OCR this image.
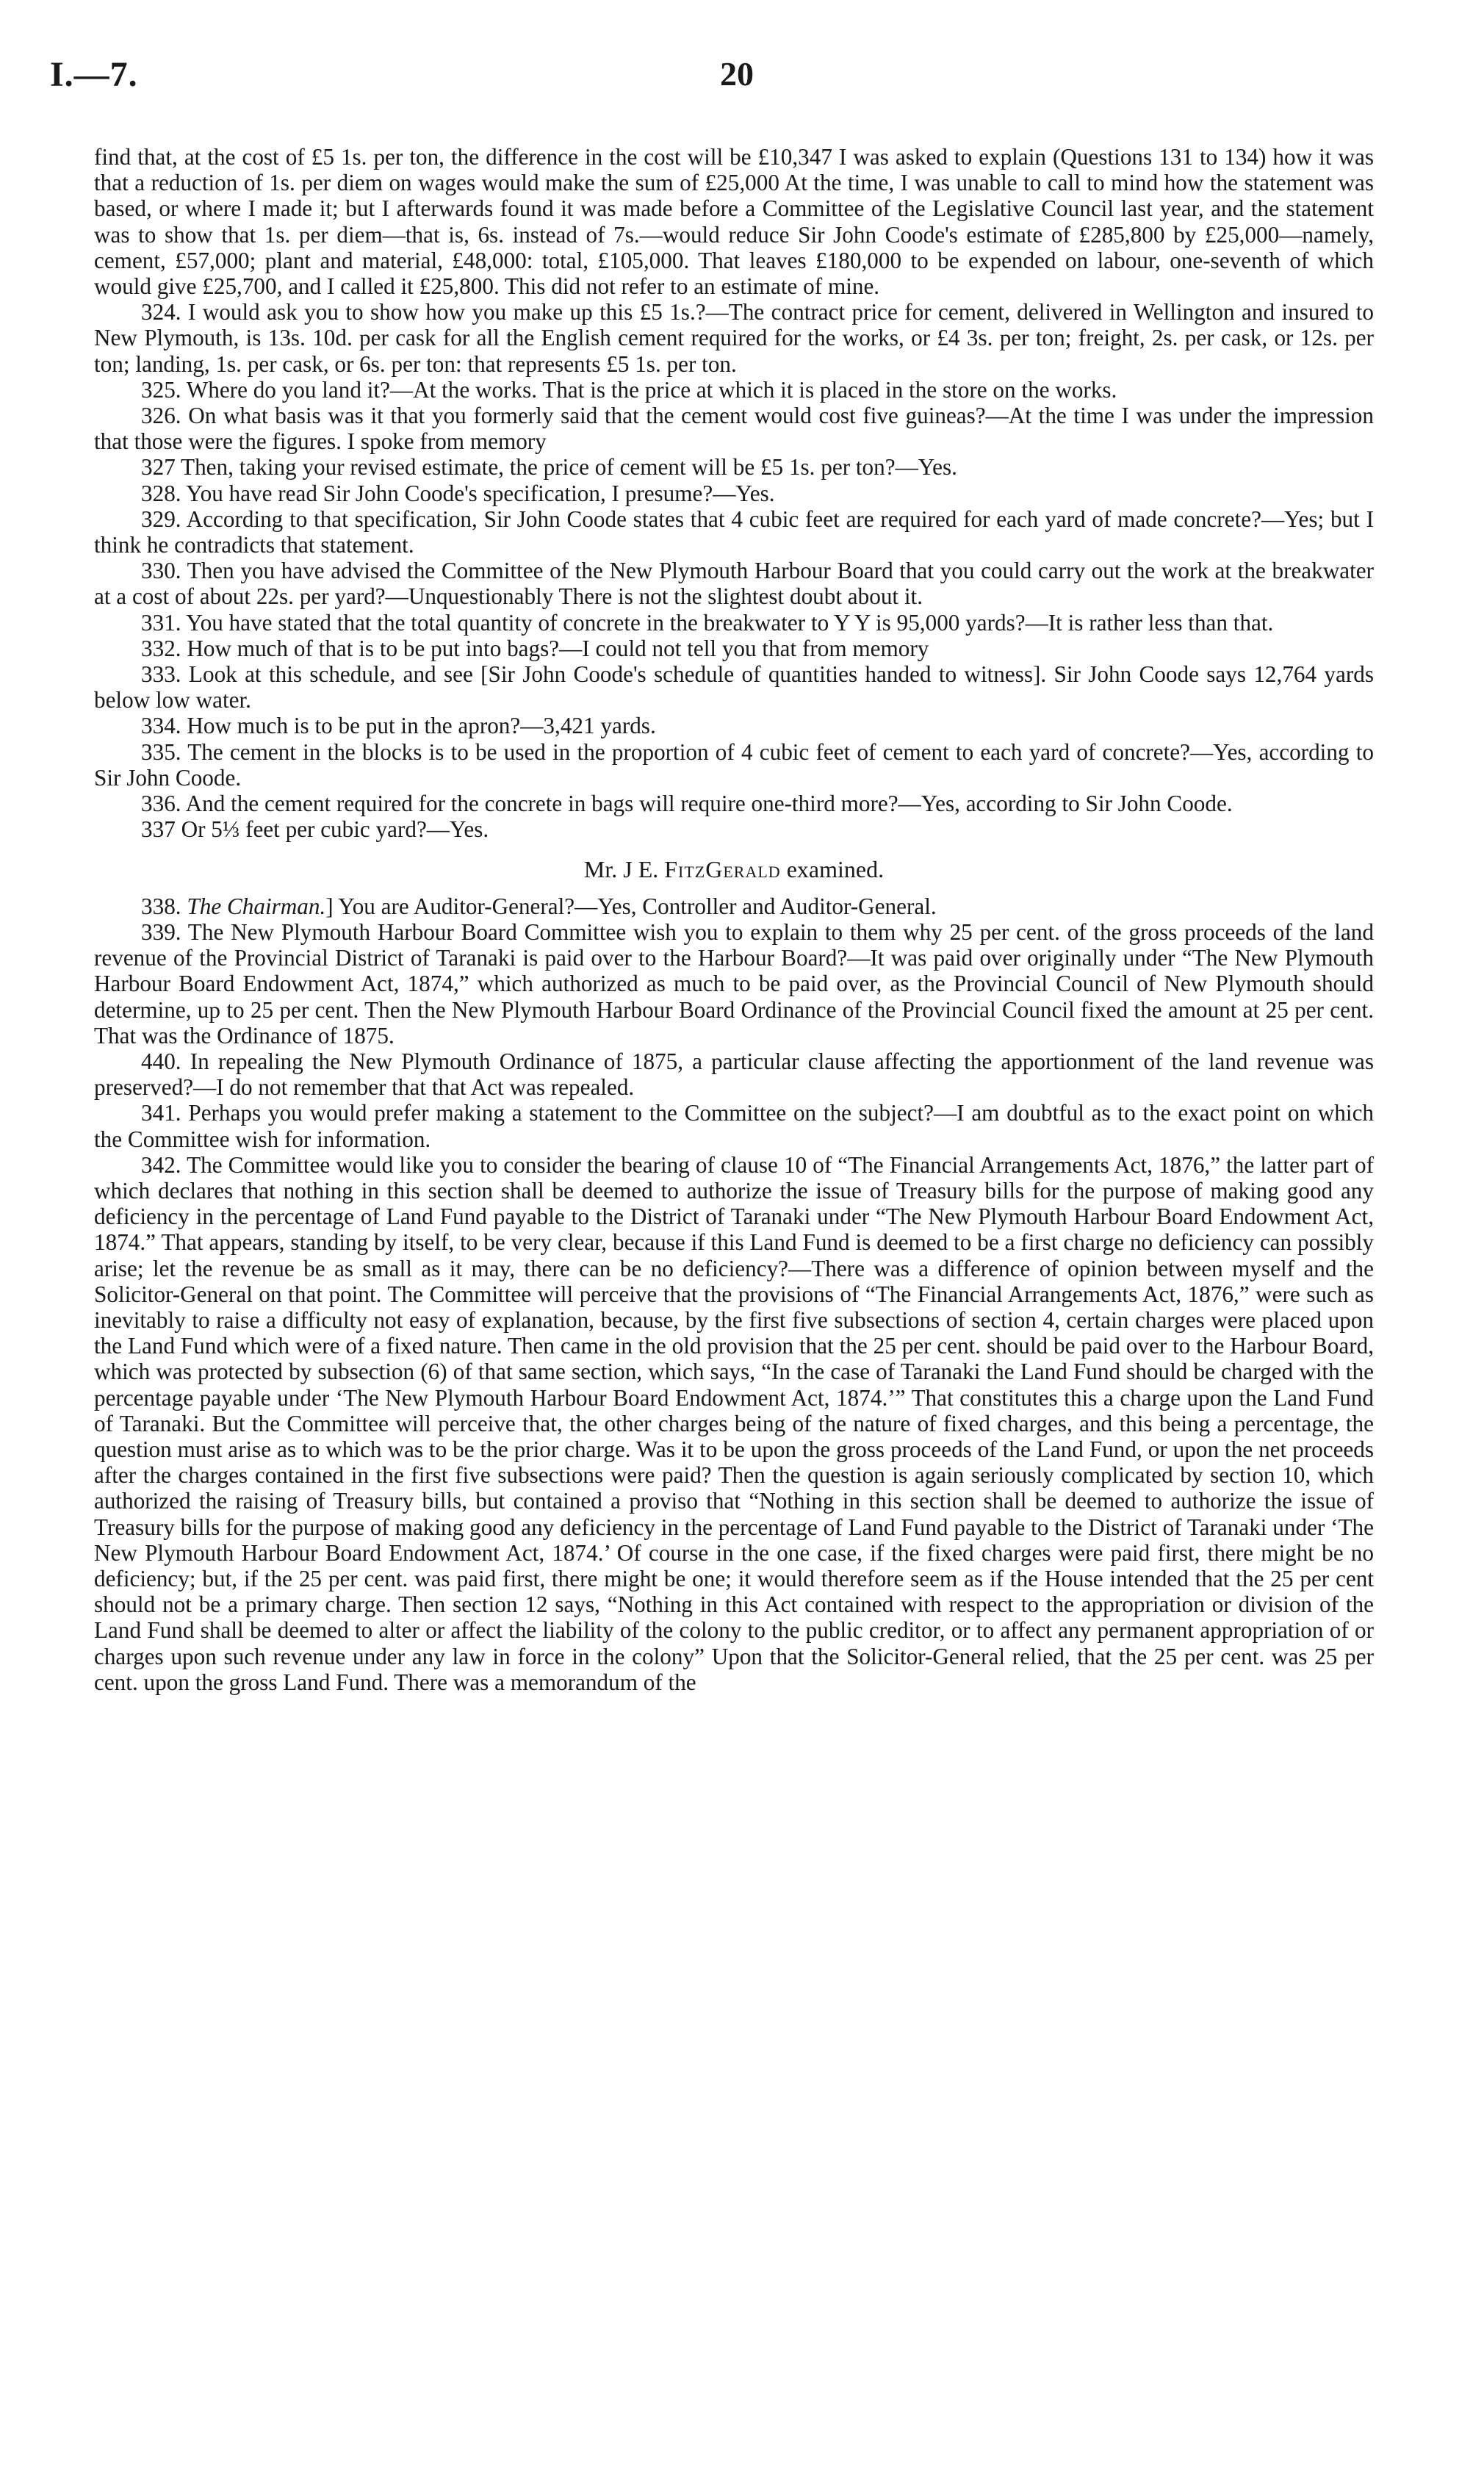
I.—7.	20

find that, at the cost of £5 1s. per ton, the difference in the cost will be £10,347 I was asked to explain (Questions 131 to 134) how it was that a reduction of 1s. per diem on wages would make the sum of £25,000 At the time, I was unable to call to mind how the statement was based, or where I made it; but I afterwards found it was made before a Committee of the Legislative Council last year, and the statement was to show that 1s. per diem—that is, 6s. instead of 7s.—would reduce Sir John Coode's estimate of £285,800 by £25,000—namely, cement, £57,000; plant and material, £48,000: total, £105,000. That leaves £180,000 to be expended on labour, one-seventh of which would give £25,700, and I called it £25,800. This did not refer to an estimate of mine.

324. I would ask you to show how you make up this £5 1s.?—The contract price for cement, delivered in Wellington and insured to New Plymouth, is 13s. 10d. per cask for all the English cement required for the works, or £4 3s. per ton; freight, 2s. per cask, or 12s. per ton; landing, 1s. per cask, or 6s. per ton: that represents £5 1s. per ton.

325. Where do you land it?—At the works. That is the price at which it is placed in the store on the works.

326. On what basis was it that you formerly said that the cement would cost five guineas?—At the time I was under the impression that those were the figures. I spoke from memory

327 Then, taking your revised estimate, the price of cement will be £5 1s. per ton?—Yes.

328. You have read Sir John Coode's specification, I presume?—Yes.

329. According to that specification, Sir John Coode states that 4 cubic feet are required for each yard of made concrete?—Yes; but I think he contradicts that statement.

330. Then you have advised the Committee of the New Plymouth Harbour Board that you could carry out the work at the breakwater at a cost of about 22s. per yard?—Unquestionably There is not the slightest doubt about it.

331. You have stated that the total quantity of concrete in the breakwater to Y Y is 95,000 yards?—It is rather less than that.

332. How much of that is to be put into bags?—I could not tell you that from memory

333. Look at this schedule, and see [Sir John Coode's schedule of quantities handed to witness]. Sir John Coode says 12,764 yards below low water.

334. How much is to be put in the apron?—3,421 yards.

335. The cement in the blocks is to be used in the proportion of 4 cubic feet of cement to each yard of concrete?—Yes, according to Sir John Coode.

336. And the cement required for the concrete in bags will require one-third more?—Yes, according to Sir John Coode.

337 Or 5⅓ feet per cubic yard?—Yes.

Mr. J E. FitzGerald examined.

338. The Chairman.] You are Auditor-General?—Yes, Controller and Auditor-General.

339. The New Plymouth Harbour Board Committee wish you to explain to them why 25 per cent. of the gross proceeds of the land revenue of the Provincial District of Taranaki is paid over to the Harbour Board?—It was paid over originally under “The New Plymouth Harbour Board Endowment Act, 1874,” which authorized as much to be paid over, as the Provincial Council of New Plymouth should determine, up to 25 per cent. Then the New Plymouth Harbour Board Ordinance of the Provincial Council fixed the amount at 25 per cent. That was the Ordinance of 1875.

440. In repealing the New Plymouth Ordinance of 1875, a particular clause affecting the apportionment of the land revenue was preserved?—I do not remember that that Act was repealed.

341. Perhaps you would prefer making a statement to the Committee on the subject?—I am doubtful as to the exact point on which the Committee wish for information.

342. The Committee would like you to consider the bearing of clause 10 of “The Financial Arrangements Act, 1876,” the latter part of which declares that nothing in this section shall be deemed to authorize the issue of Treasury bills for the purpose of making good any deficiency in the percentage of Land Fund payable to the District of Taranaki under “The New Plymouth Harbour Board Endowment Act, 1874.” That appears, standing by itself, to be very clear, because if this Land Fund is deemed to be a first charge no deficiency can possibly arise; let the revenue be as small as it may, there can be no deficiency?—There was a difference of opinion between myself and the Solicitor-General on that point. The Committee will perceive that the provisions of “The Financial Arrangements Act, 1876,” were such as inevitably to raise a difficulty not easy of explanation, because, by the first five subsections of section 4, certain charges were placed upon the Land Fund which were of a fixed nature. Then came in the old provision that the 25 per cent. should be paid over to the Harbour Board, which was protected by subsection (6) of that same section, which says, “In the case of Taranaki the Land Fund should be charged with the percentage payable under ‘The New Plymouth Harbour Board Endowment Act, 1874.’” That constitutes this a charge upon the Land Fund of Taranaki. But the Committee will perceive that, the other charges being of the nature of fixed charges, and this being a percentage, the question must arise as to which was to be the prior charge. Was it to be upon the gross proceeds of the Land Fund, or upon the net proceeds after the charges contained in the first five subsections were paid? Then the question is again seriously complicated by section 10, which authorized the raising of Treasury bills, but contained a proviso that “Nothing in this section shall be deemed to authorize the issue of Treasury bills for the purpose of making good any deficiency in the percentage of Land Fund payable to the District of Taranaki under ‘The New Plymouth Harbour Board Endowment Act, 1874.’ Of course in the one case, if the fixed charges were paid first, there might be no deficiency; but, if the 25 per cent. was paid first, there might be one; it would therefore seem as if the House intended that the 25 per cent should not be a primary charge. Then section 12 says, “Nothing in this Act contained with respect to the appropriation or division of the Land Fund shall be deemed to alter or affect the liability of the colony to the public creditor, or to affect any permanent appropriation of or charges upon such revenue under any law in force in the colony” Upon that the Solicitor-General relied, that the 25 per cent. was 25 per cent. upon the gross Land Fund. There was a memorandum of the
